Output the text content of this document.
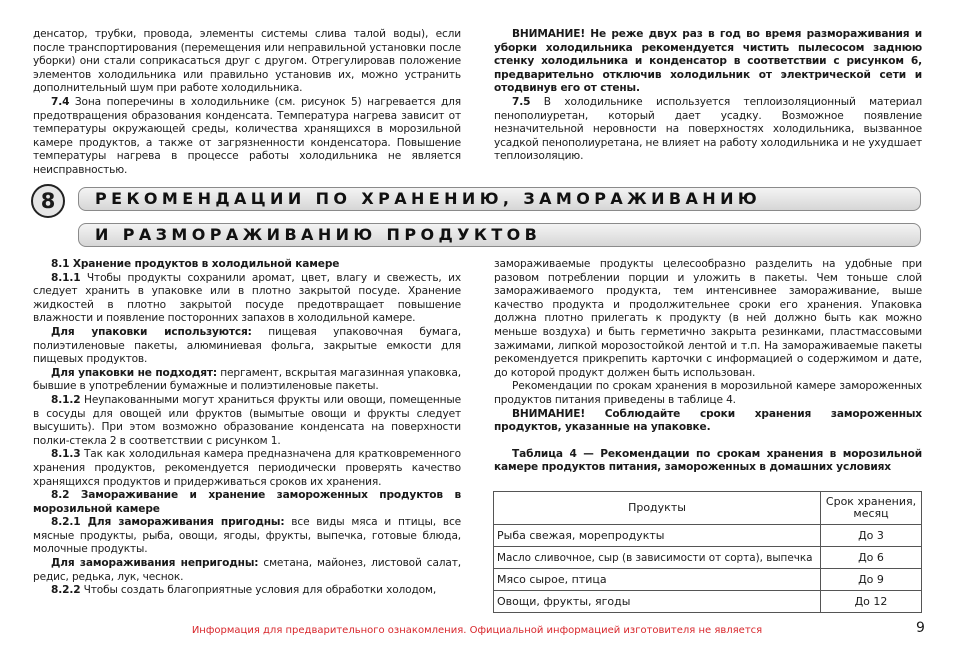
денсатор, трубки, провода, элементы системы слива талой воды), если после транспортирования (перемещения или неправильной установки после уборки) они стали соприкасаться друг с другом. Отрегулировав положение элементов холодильника или правильно установив их, можно устранить дополнительный шум при работе холодильника.

7.4 Зона поперечины в холодильнике (см. рисунок 5) нагревается для предотвращения образования конденсата. Температура нагрева зависит от температуры окружающей среды, количества хранящихся в морозильной камере продуктов, а также от загрязненности конденсатора. Повышение температуры нагрева в процессе работы холодильника не является неисправностью.

ВНИМАНИЕ! Не реже двух раз в год во время размораживания и уборки холодильника рекомендуется чистить пылесосом заднюю стенку холодильника и конденсатор в соответствии с рисунком 6, предварительно отключив холодильник от электрической сети и отодвинув его от стены.

7.5 В холодильнике используется теплоизоляционный материал пенополиуретан, который дает усадку. Возможное появление незначительной неровности на поверхностях холодильника, вызванное усадкой пенополиуретана, не влияет на работу холодильника и не ухудшает теплоизоляцию.

8	РЕКОМЕНДАЦИИ ПО ХРАНЕНИЮ, ЗАМОРАЖИВАНИЮ
И РАЗМОРАЖИВАНИЮ ПРОДУКТОВ

8.1 Хранение продуктов в холодильной камере

8.1.1 Чтобы продукты сохранили аромат, цвет, влагу и свежесть, их следует хранить в упаковке или в плотно закрытой посуде. Хранение жидкостей в плотно закрытой посуде предотвращает повышение влажности и появление посторонних запахов в холодильной камере.

Для упаковки используются: пищевая упаковочная бумага, полиэтиленовые пакеты, алюминиевая фольга, закрытые емкости для пищевых продуктов.

Для упаковки не подходят: пергамент, вскрытая магазинная упаковка, бывшие в употреблении бумажные и полиэтиленовые пакеты.

8.1.2 Неупакованными могут храниться фрукты или овощи, помещенные в сосуды для овощей или фруктов (вымытые овощи и фрукты следует высушить). При этом возможно образование конденсата на поверхности полки-стекла 2 в соответствии с рисунком 1.

8.1.3 Так как холодильная камера предназначена для кратковременного хранения продуктов, рекомендуется периодически проверять качество хранящихся продуктов и придерживаться сроков их хранения.

8.2 Замораживание и хранение замороженных продуктов в морозильной камере

8.2.1 Для замораживания пригодны: все виды мяса и птицы, все мясные продукты, рыба, овощи, ягоды, фрукты, выпечка, готовые блюда, молочные продукты.

Для замораживания непригодны: сметана, майонез, листовой салат, редис, редька, лук, чеснок.

8.2.2 Чтобы создать благоприятные условия для обработки холодом,

замораживаемые продукты целесообразно разделить на удобные при разовом потреблении порции и уложить в пакеты. Чем тоньше слой замораживаемого продукта, тем интенсивнее замораживание, выше качество продукта и продолжительнее сроки его хранения. Упаковка должна плотно прилегать к продукту (в ней должно быть как можно меньше воздуха) и быть герметично закрыта резинками, пластмассовыми зажимами, липкой морозостойкой лентой и т.п. На замораживаемые пакеты рекомендуется прикрепить карточки с информацией о содержимом и дате, до которой продукт должен быть использован.

Рекомендации по срокам хранения в морозильной камере замороженных продуктов питания приведены в таблице 4.

ВНИМАНИЕ! Соблюдайте сроки хранения замороженных продуктов, указанные на упаковке.

Таблица 4 — Рекомендации по срокам хранения в морозильной камере продуктов питания, замороженных в домашних условиях

Продукты	Срок хранения, месяц
Рыба свежая, морепродукты	До 3
Масло сливочное, сыр (в зависимости от сорта), выпечка	До 6
Мясо сырое, птица	До 9
Овощи, фрукты, ягоды	До 12
Информация для предварительного ознакомления. Официальной информацией изготовителя не является	9
